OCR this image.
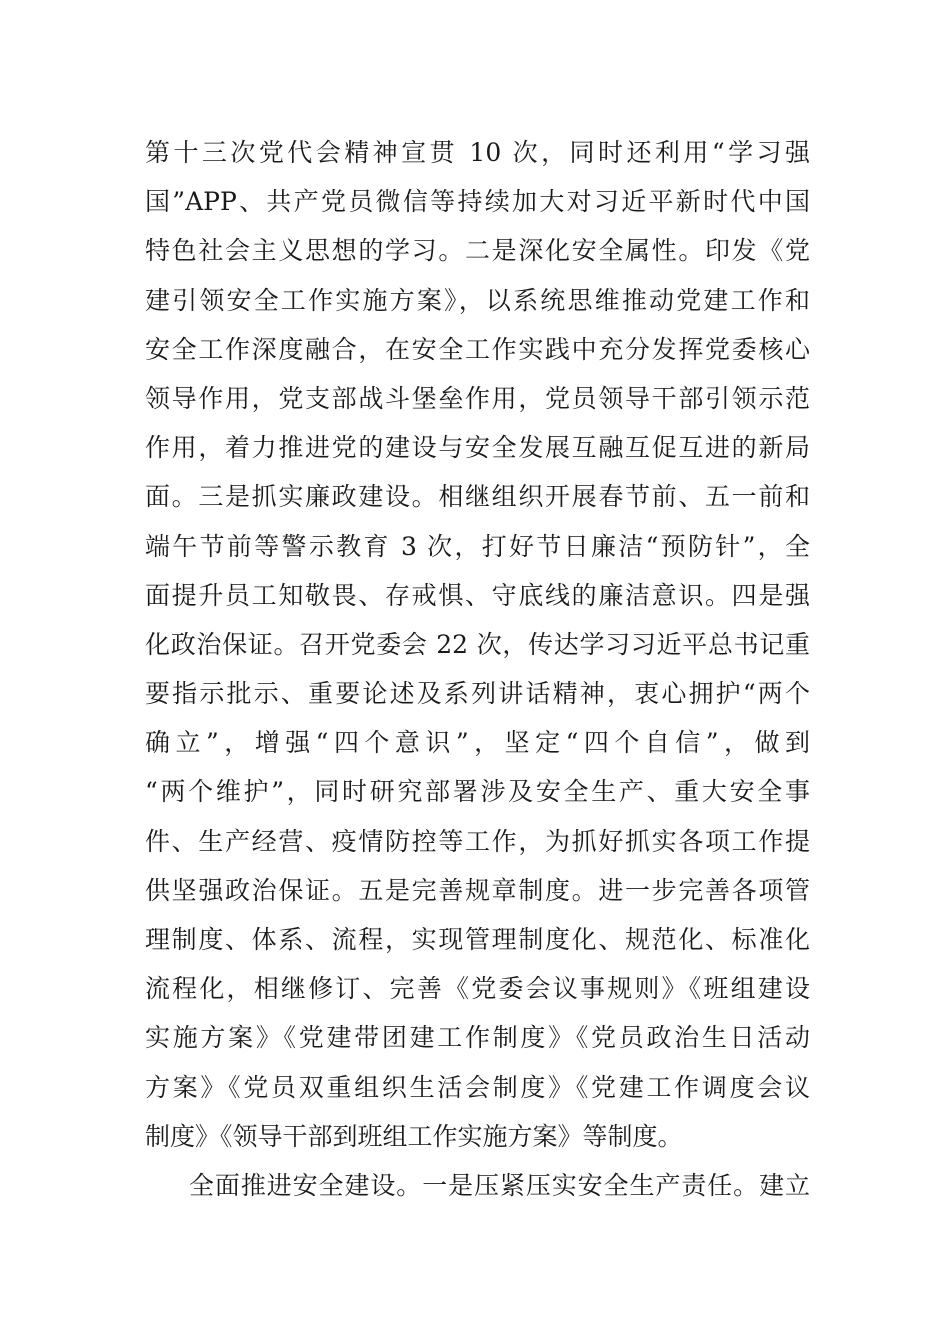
第十三次党代会精神宣贯 10 次，同时还利用“学习强
国”APP、共产党员微信等持续加大对习近平新时代中国
特色社会主义思想的学习。二是深化安全属性。印发《党
建引领安全工作实施方案》，以系统思维推动党建工作和
安全工作深度融合，在安全工作实践中充分发挥党委核心
领导作用，党支部战斗堡垒作用，党员领导干部引领示范
作用，着力推进党的建设与安全发展互融互促互进的新局
面。三是抓实廉政建设。相继组织开展春节前、五一前和
端午节前等警示教育 3 次，打好节日廉洁“预防针”，全
面提升员工知敬畏、存戒惧、守底线的廉洁意识。四是强
化政治保证。召开党委会 22 次，传达学习习近平总书记重
要指示批示、重要论述及系列讲话精神，衷心拥护“两个
确立”，增强“四个意识”，坚定“四个自信”，做到
“两个维护”，同时研究部署涉及安全生产、重大安全事
件、生产经营、疫情防控等工作，为抓好抓实各项工作提
供坚强政治保证。五是完善规章制度。进一步完善各项管
理制度、体系、流程，实现管理制度化、规范化、标准化
流程化，相继修订、完善《党委会议事规则》《班组建设
实施方案》《党建带团建工作制度》《党员政治生日活动
方案》《党员双重组织生活会制度》《党建工作调度会议
制度》《领导干部到班组工作实施方案》等制度。
全面推进安全建设。一是压紧压实安全生产责任。建立
